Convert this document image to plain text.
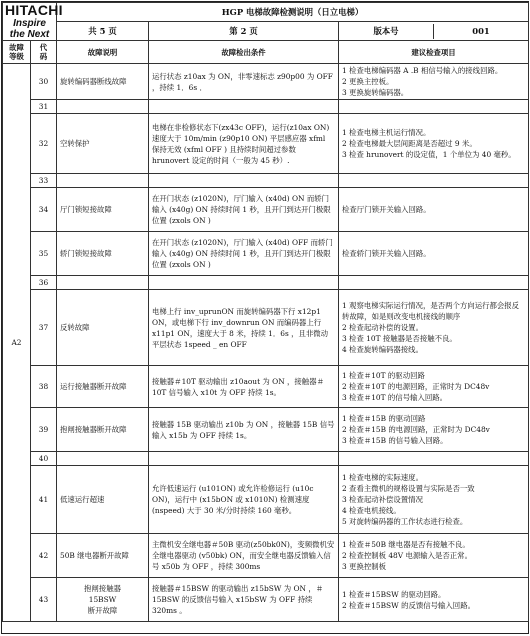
HITACHI
Inspire the Next		HGP 电梯故障检测说明（日立电梯）		
		共 5 页	第 2 页	版本号 001

故障
等级	代
码	故障说明	故障检出条件	建议检查项目
A2	30	旋转编码器断线故障	运行状态 z10ax 为 ON，非零速标志 z90p00 为 OFF ，持续 1．6s ．	1 检查电梯编码器 A .B 相信号输入的接线回路。
2 更换主控板。
3 更换旋转编码器。
	31			
	32	空转保护	电梯在非检修状态下(zx43c OFF)，运行(z10ax ON) 速度大于 10m/min (z90p10 ON) 平层感应器 xfml 保持无效 (xfml OFF ) 且持续时间超过参数 hrunovert 设定的时间（一般为 45 秒）.	1 检查电梯主机运行情况。
2 检查电梯最大层间距离是否超过 9 米。
3 检查 hrunovert 的设定值，1 个单位为 40 毫秒。
	33			
	34	厅门锁短接故障	在开门状态 (z1020N)，厅门输入 (x40d) ON 而轿门输入 (x40g) ON 持续时间 1 秒，且开门到达开门极限位置 (zxols ON )	检查厅门锁开关输入回路。
	35	轿门锁短接故障	在开门状态 (z1020N)，厅门输入 (x40d) OFF 而轿门输入 (x40g) ON 持续时间 1 秒，且开门到达开门极限位置 (zxols ON )	检查轿门锁开关输入回路。
	36			
	37	反转故障	电梯上行 inv_uprunON 而旋转编码器下行 x12p1 ON，或电梯下行 inv_downrun ON 而编码器上行 x11p1 ON，速度大于 8 米，持续 1．6s ，且非微动平层状态 1speed _ en OFF	1 观察电梯实际运行情况，是否两个方向运行都会报反转故障，如是则改变电机接线的顺序
2 检查起动补偿的设置。
3 检查 10T 接触器是否接触不良。
4 检查旋转编码器接线。
	38	运行接触器断开故障	接触器＃10T 驱动输出 z10aout 为 ON ，接触器＃10T 信号输入 x10t 为 OFF 持续 1s。	1 检查＃10T 的驱动回路
2 检查＃10T 的电源回路，正常时为 DC48v
3 检查＃10T 的信号输入回路。
	39	抱闸接触器断开故障	接触器 15B 驱动输出 z10b 为 ON ，接触器 15B 信号输入 x15b 为 OFF 持续 1s。	1 检查＃15B 的驱动回路
2 检查＃15B 的电源回路，正常时为 DC48v
3 检查＃15B 的信号输入回路。
	40			
	41	低速运行超速	允许低速运行 (u101ON) 或允许检修运行 (u10c ON)，运行中 (x15bON 或 x1010N) 检测速度 (nspeed) 大于 30 米/分时持续 160 毫秒。	1 检查电梯的实际速度。
2 查看主微机的规格设置与实际是否一致
3 检查起动补偿设置情况
4 检查电机接线。
5 对旋转编码器的工作状态进行检查。
	42	50B 继电器断开故障	主微机安全继电器＃50B 驱动(z50bk0N)，变频微机安全继电器驱动 (v50bk) ON，而安全继电器反馈输入信号 x50b 为 OFF ，持续 300ms	1 检查＃50B 继电器是否有接触不良。
2 检查控制板 48V 电源输入是否正常。
3 更换控制板
	43	抱闸接触器
15BSW
断开故障	接触器＃15BSW 的驱动输出 z15bSW 为 ON ，＃15BSW 的反馈信号输入 x15bSW 为 OFF 持续 320ms 。	1 检查＃15BSW 的驱动回路。
2 检查＃15BSW 的反馈信号输入回路。
